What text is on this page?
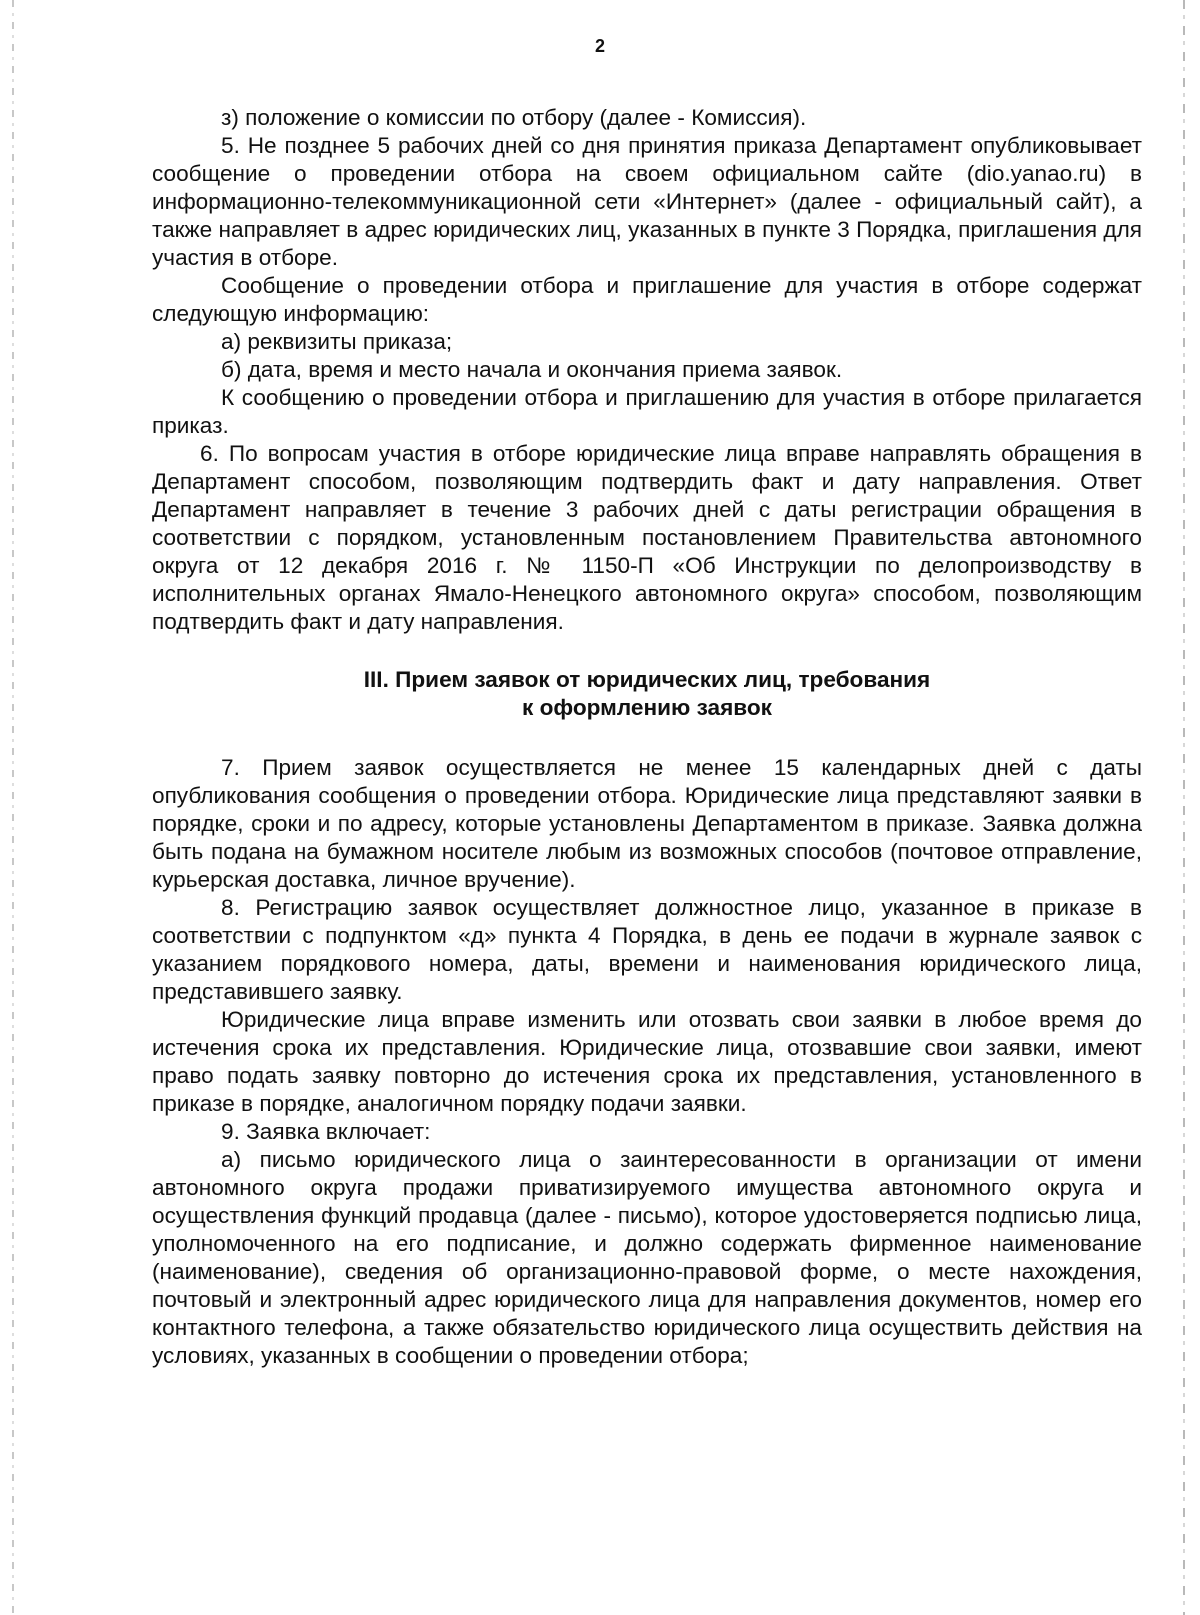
2

з) положение о комиссии по отбору (далее - Комиссия).

5. Не позднее 5 рабочих дней со дня принятия приказа Департамент опубликовывает сообщение о проведении отбора на своем официальном сайте (dio.yanao.ru) в информационно-телекоммуникационной сети «Интернет» (далее - официальный сайт), а также направляет в адрес юридических лиц, указанных в пункте 3 Порядка, приглашения для участия в отборе.

Сообщение о проведении отбора и приглашение для участия в отборе содержат следующую информацию:

а) реквизиты приказа;

б) дата, время и место начала и окончания приема заявок.

К сообщению о проведении отбора и приглашению для участия в отборе прилагается приказ.

6. По вопросам участия в отборе юридические лица вправе направлять обращения в Департамент способом, позволяющим подтвердить факт и дату направления. Ответ Департамент направляет в течение 3 рабочих дней с даты регистрации обращения в соответствии с порядком, установленным постановлением Правительства автономного округа от 12 декабря 2016 г. № 1150-П «Об Инструкции по делопроизводству в исполнительных органах Ямало-Ненецкого автономного округа» способом, позволяющим подтвердить факт и дату направления.

III. Прием заявок от юридических лиц, требования
к оформлению заявок

7. Прием заявок осуществляется не менее 15 календарных дней с даты опубликования сообщения о проведении отбора. Юридические лица представляют заявки в порядке, сроки и по адресу, которые установлены Департаментом в приказе. Заявка должна быть подана на бумажном носителе любым из возможных способов (почтовое отправление, курьерская доставка, личное вручение).

8. Регистрацию заявок осуществляет должностное лицо, указанное в приказе в соответствии с подпунктом «д» пункта 4 Порядка, в день ее подачи в журнале заявок с указанием порядкового номера, даты, времени и наименования юридического лица, представившего заявку.

Юридические лица вправе изменить или отозвать свои заявки в любое время до истечения срока их представления. Юридические лица, отозвавшие свои заявки, имеют право подать заявку повторно до истечения срока их представления, установленного в приказе в порядке, аналогичном порядку подачи заявки.

9. Заявка включает:

а) письмо юридического лица о заинтересованности в организации от имени автономного округа продажи приватизируемого имущества автономного округа и осуществления функций продавца (далее - письмо), которое удостоверяется подписью лица, уполномоченного на его подписание, и должно содержать фирменное наименование (наименование), сведения об организационно-правовой форме, о месте нахождения, почтовый и электронный адрес юридического лица для направления документов, номер его контактного телефона, а также обязательство юридического лица осуществить действия на условиях, указанных в сообщении о проведении отбора;
